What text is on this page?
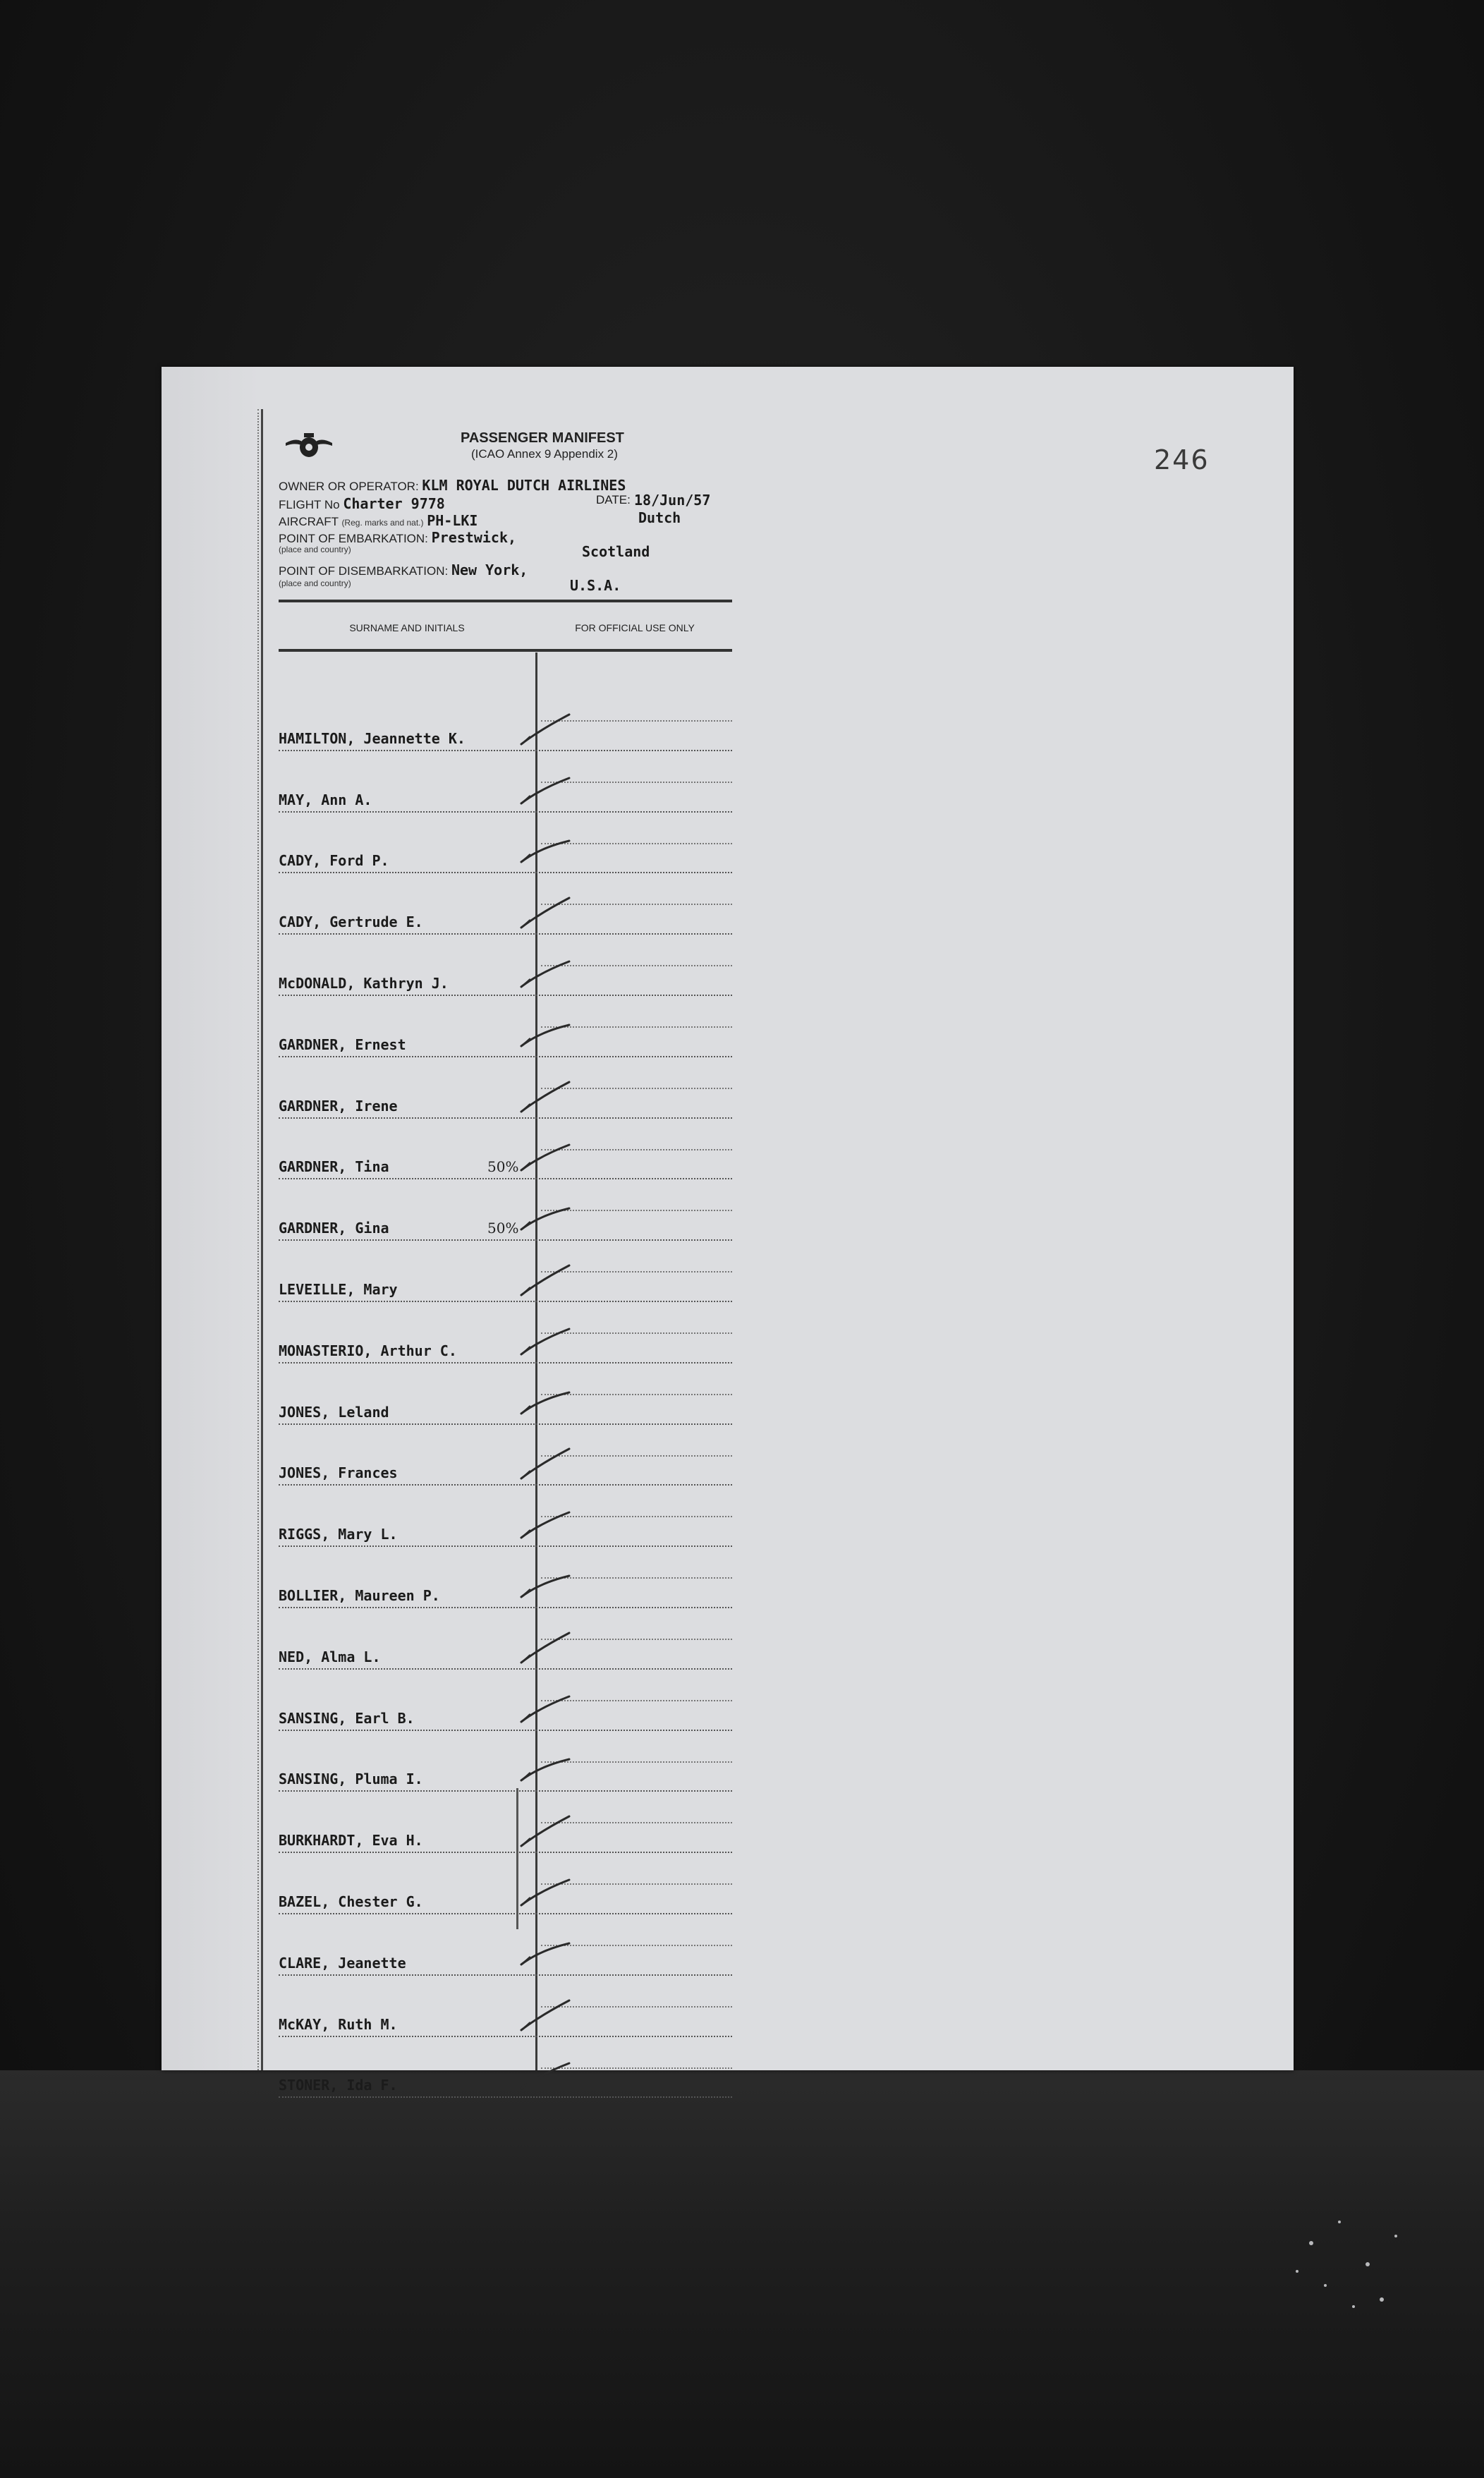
246
PASSENGER MANIFEST
(ICAO Annex 9 Appendix 2)
OWNER OR OPERATOR: KLM ROYAL DUTCH AIRLINES
FLIGHT No Charter 9778	DATE: 18/Jun/57
AIRCRAFT (Reg. marks and nat.) PH-LKI	Dutch
POINT OF EMBARKATION: Prestwick,
(place and country)	Scotland
POINT OF DISEMBARKATION: New York,
(place and country)	U.S.A.
SURNAME AND INITIALS	FOR OFFICIAL USE ONLY
HAMILTON, Jeannette K.
MAY, Ann A.
CADY, Ford P.
CADY, Gertrude E.
McDONALD, Kathryn J.
GARDNER, Ernest
GARDNER, Irene
GARDNER, Tina	50%
GARDNER, Gina	50%
LEVEILLE, Mary
MONASTERIO, Arthur C.
JONES, Leland
JONES, Frances
RIGGS, Mary L.
BOLLIER, Maureen P.
NED, Alma L.
SANSING, Earl B.
SANSING, Pluma I.
BURKHARDT, Eva H.
BAZEL, Chester G.
CLARE, Jeanette
McKAY, Ruth M.
STONER, Ida F.
